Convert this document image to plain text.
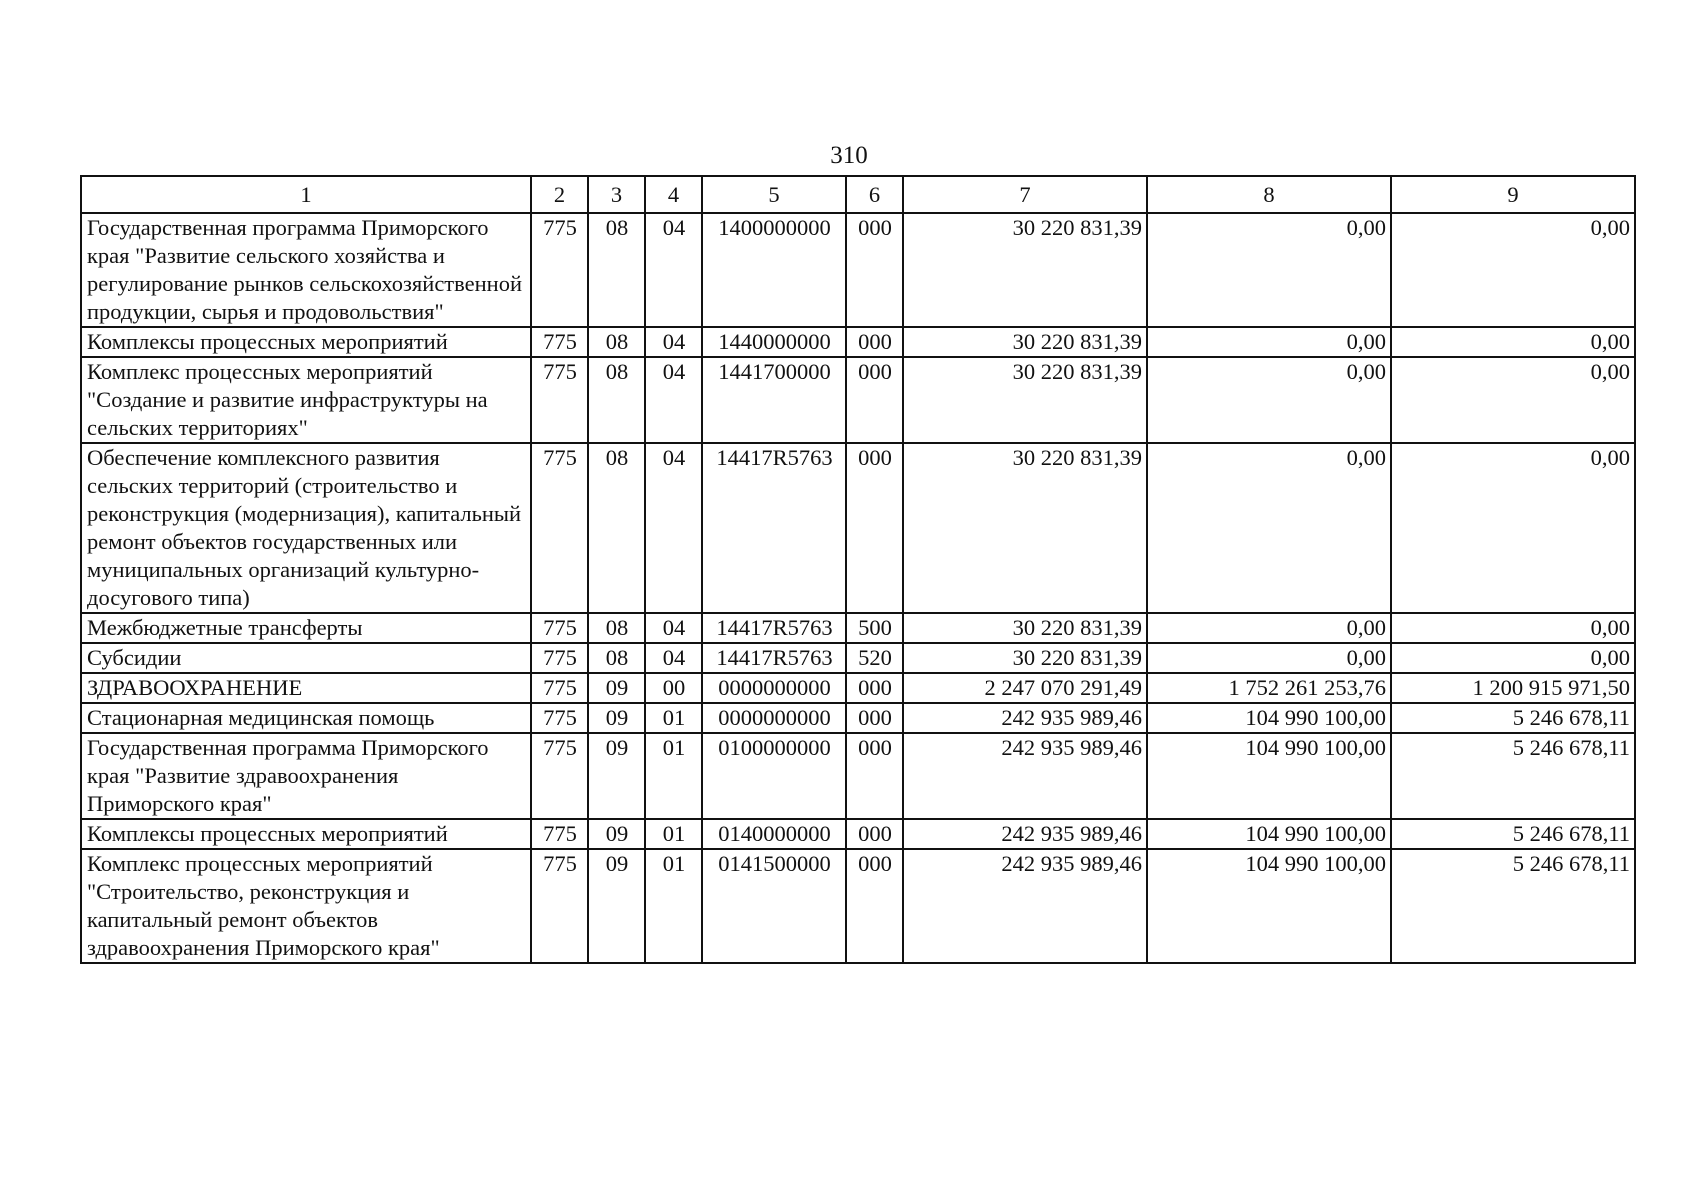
310
1	2	3	4	5	6	7	8	9
Государственная программа Приморского края "Развитие сельского хозяйства и регулирование рынков сельскохозяйственной продукции, сырья и продовольствия"	775	08	04	1400000000	000	30 220 831,39	0,00	0,00
Комплексы процессных мероприятий	775	08	04	1440000000	000	30 220 831,39	0,00	0,00
Комплекс процессных мероприятий "Создание и развитие инфраструктуры на сельских территориях"	775	08	04	1441700000	000	30 220 831,39	0,00	0,00
Обеспечение комплексного развития сельских территорий (строительство и реконструкция (модернизация), капитальный ремонт объектов государственных или муниципальных организаций культурно-досугового типа)	775	08	04	14417R5763	000	30 220 831,39	0,00	0,00
Межбюджетные трансферты	775	08	04	14417R5763	500	30 220 831,39	0,00	0,00
Субсидии	775	08	04	14417R5763	520	30 220 831,39	0,00	0,00
ЗДРАВООХРАНЕНИЕ	775	09	00	0000000000	000	2 247 070 291,49	1 752 261 253,76	1 200 915 971,50
Стационарная медицинская помощь	775	09	01	0000000000	000	242 935 989,46	104 990 100,00	5 246 678,11
Государственная программа Приморского края "Развитие здравоохранения Приморского края"	775	09	01	0100000000	000	242 935 989,46	104 990 100,00	5 246 678,11
Комплексы процессных мероприятий	775	09	01	0140000000	000	242 935 989,46	104 990 100,00	5 246 678,11
Комплекс процессных мероприятий "Строительство, реконструкция и капитальный ремонт объектов здравоохранения Приморского края"	775	09	01	0141500000	000	242 935 989,46	104 990 100,00	5 246 678,11
